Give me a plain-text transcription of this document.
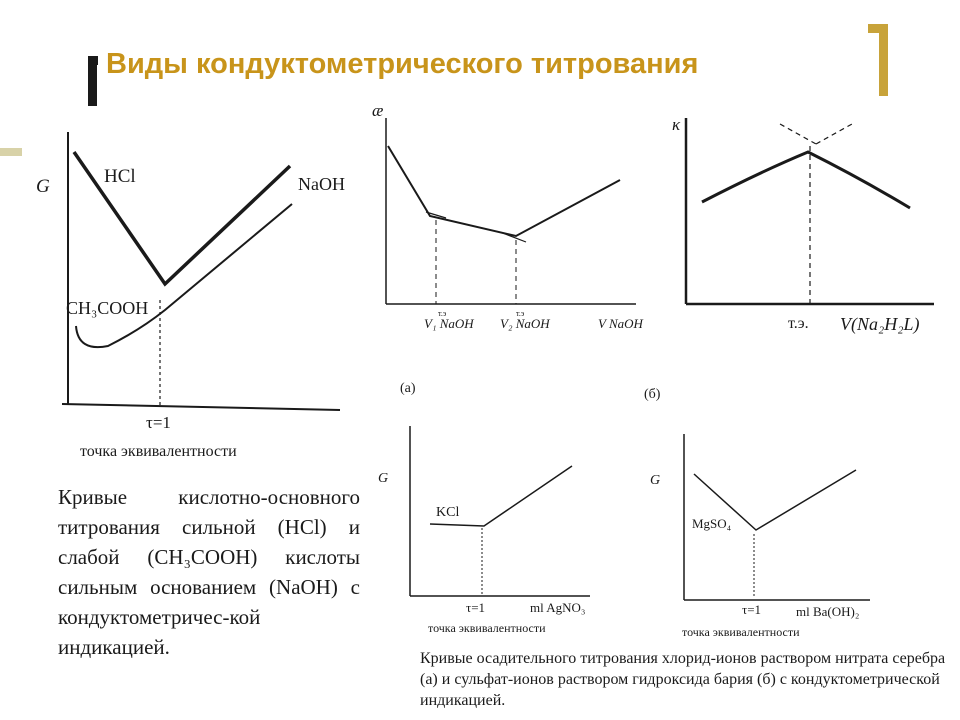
Виды кондуктометрического титрования
G	HCl	NaOH
CH₃COOH
τ=1
точка эквивалентности
æ
т.э
V₁ NaOH
т.э
V₂ NaOH	V NaOH
κ
т.э. V(Na₂H₂L)
(а)
G
KCl
τ=1	ml AgNO₃
точка эквивалентности
(б)
G
MgSO₄
τ=1	ml Ba(OH)₂
точка эквивалентности
Кривые кислотно-основного титрования сильной (HCl) и слабой (CH₃COOH) кислоты сильным основанием (NaOH) с кондуктометричес-кой индикацией.	Кривые осадительного титрования хлорид-ионов раствором нитрата серебра (а) и сульфат-ионов раствором гидроксида бария (б) с кондуктометрической индикацией.
